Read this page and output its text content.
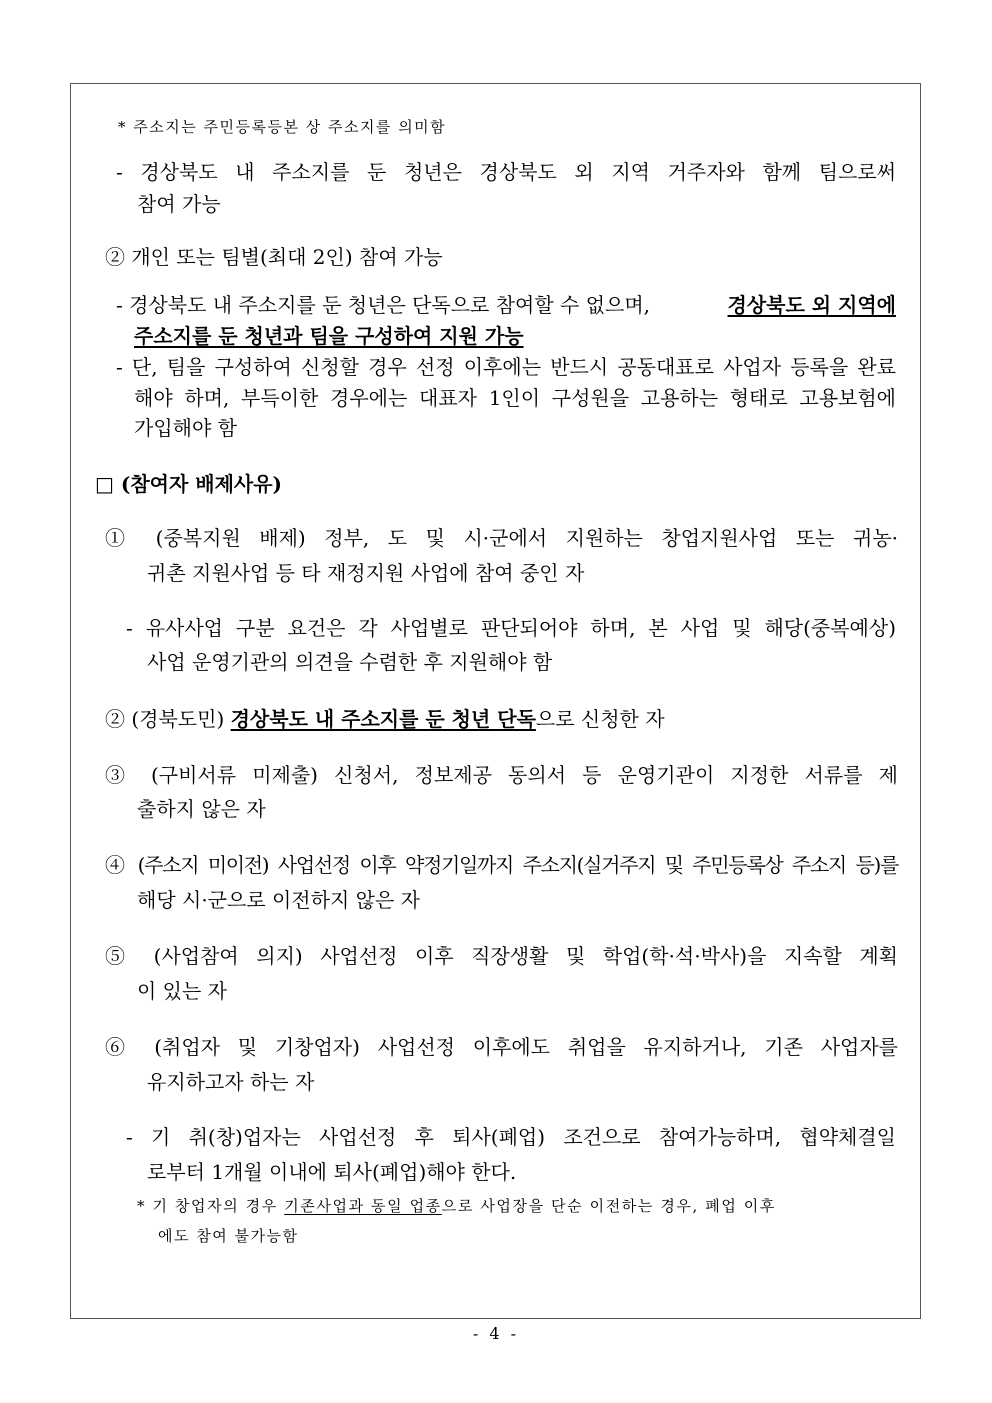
* 주소지는 주민등록등본 상 주소지를 의미함
- 경상북도 내 주소지를 둔 청년은 경상북도 외 지역 거주자와 함께 팀으로써
참여 가능
② 개인 또는 팀별(최대 2인) 참여 가능
- 경상북도 내 주소지를 둔 청년은 단독으로 참여할 수 없으며,	경상북도 외 지역에
주소지를 둔 청년과 팀을 구성하여 지원 가능
- 단, 팀을 구성하여 신청할 경우 선정 이후에는 반드시 공동대표로 사업자 등록을 완료
해야 하며, 부득이한 경우에는 대표자 1인이 구성원을 고용하는 형태로 고용보험에
가입해야 함
□ (참여자 배제사유)
① (중복지원 배제) 정부, 도 및 시·군에서 지원하는 창업지원사업 또는 귀농·
귀촌 지원사업 등 타 재정지원 사업에 참여 중인 자
- 유사사업 구분 요건은 각 사업별로 판단되어야 하며, 본 사업 및 해당(중복예상)
사업 운영기관의 의견을 수렴한 후 지원해야 함
② (경북도민) 경상북도 내 주소지를 둔 청년 단독으로 신청한 자
③ (구비서류 미제출) 신청서, 정보제공 동의서 등 운영기관이 지정한 서류를 제
출하지 않은 자
④ (주소지 미이전) 사업선정 이후 약정기일까지 주소지(실거주지 및 주민등록상 주소지 등)를
해당 시·군으로 이전하지 않은 자
⑤ (사업참여 의지) 사업선정 이후 직장생활 및 학업(학·석·박사)을 지속할 계획
이 있는 자
⑥ (취업자 및 기창업자) 사업선정 이후에도 취업을 유지하거나, 기존 사업자를
유지하고자 하는 자
- 기 취(창)업자는 사업선정 후 퇴사(폐업) 조건으로 참여가능하며, 협약체결일
로부터 1개월 이내에 퇴사(폐업)해야 한다.
* 기 창업자의 경우 기존사업과 동일 업종으로 사업장을 단순 이전하는 경우, 폐업 이후
에도 참여 불가능함
- 4 -
